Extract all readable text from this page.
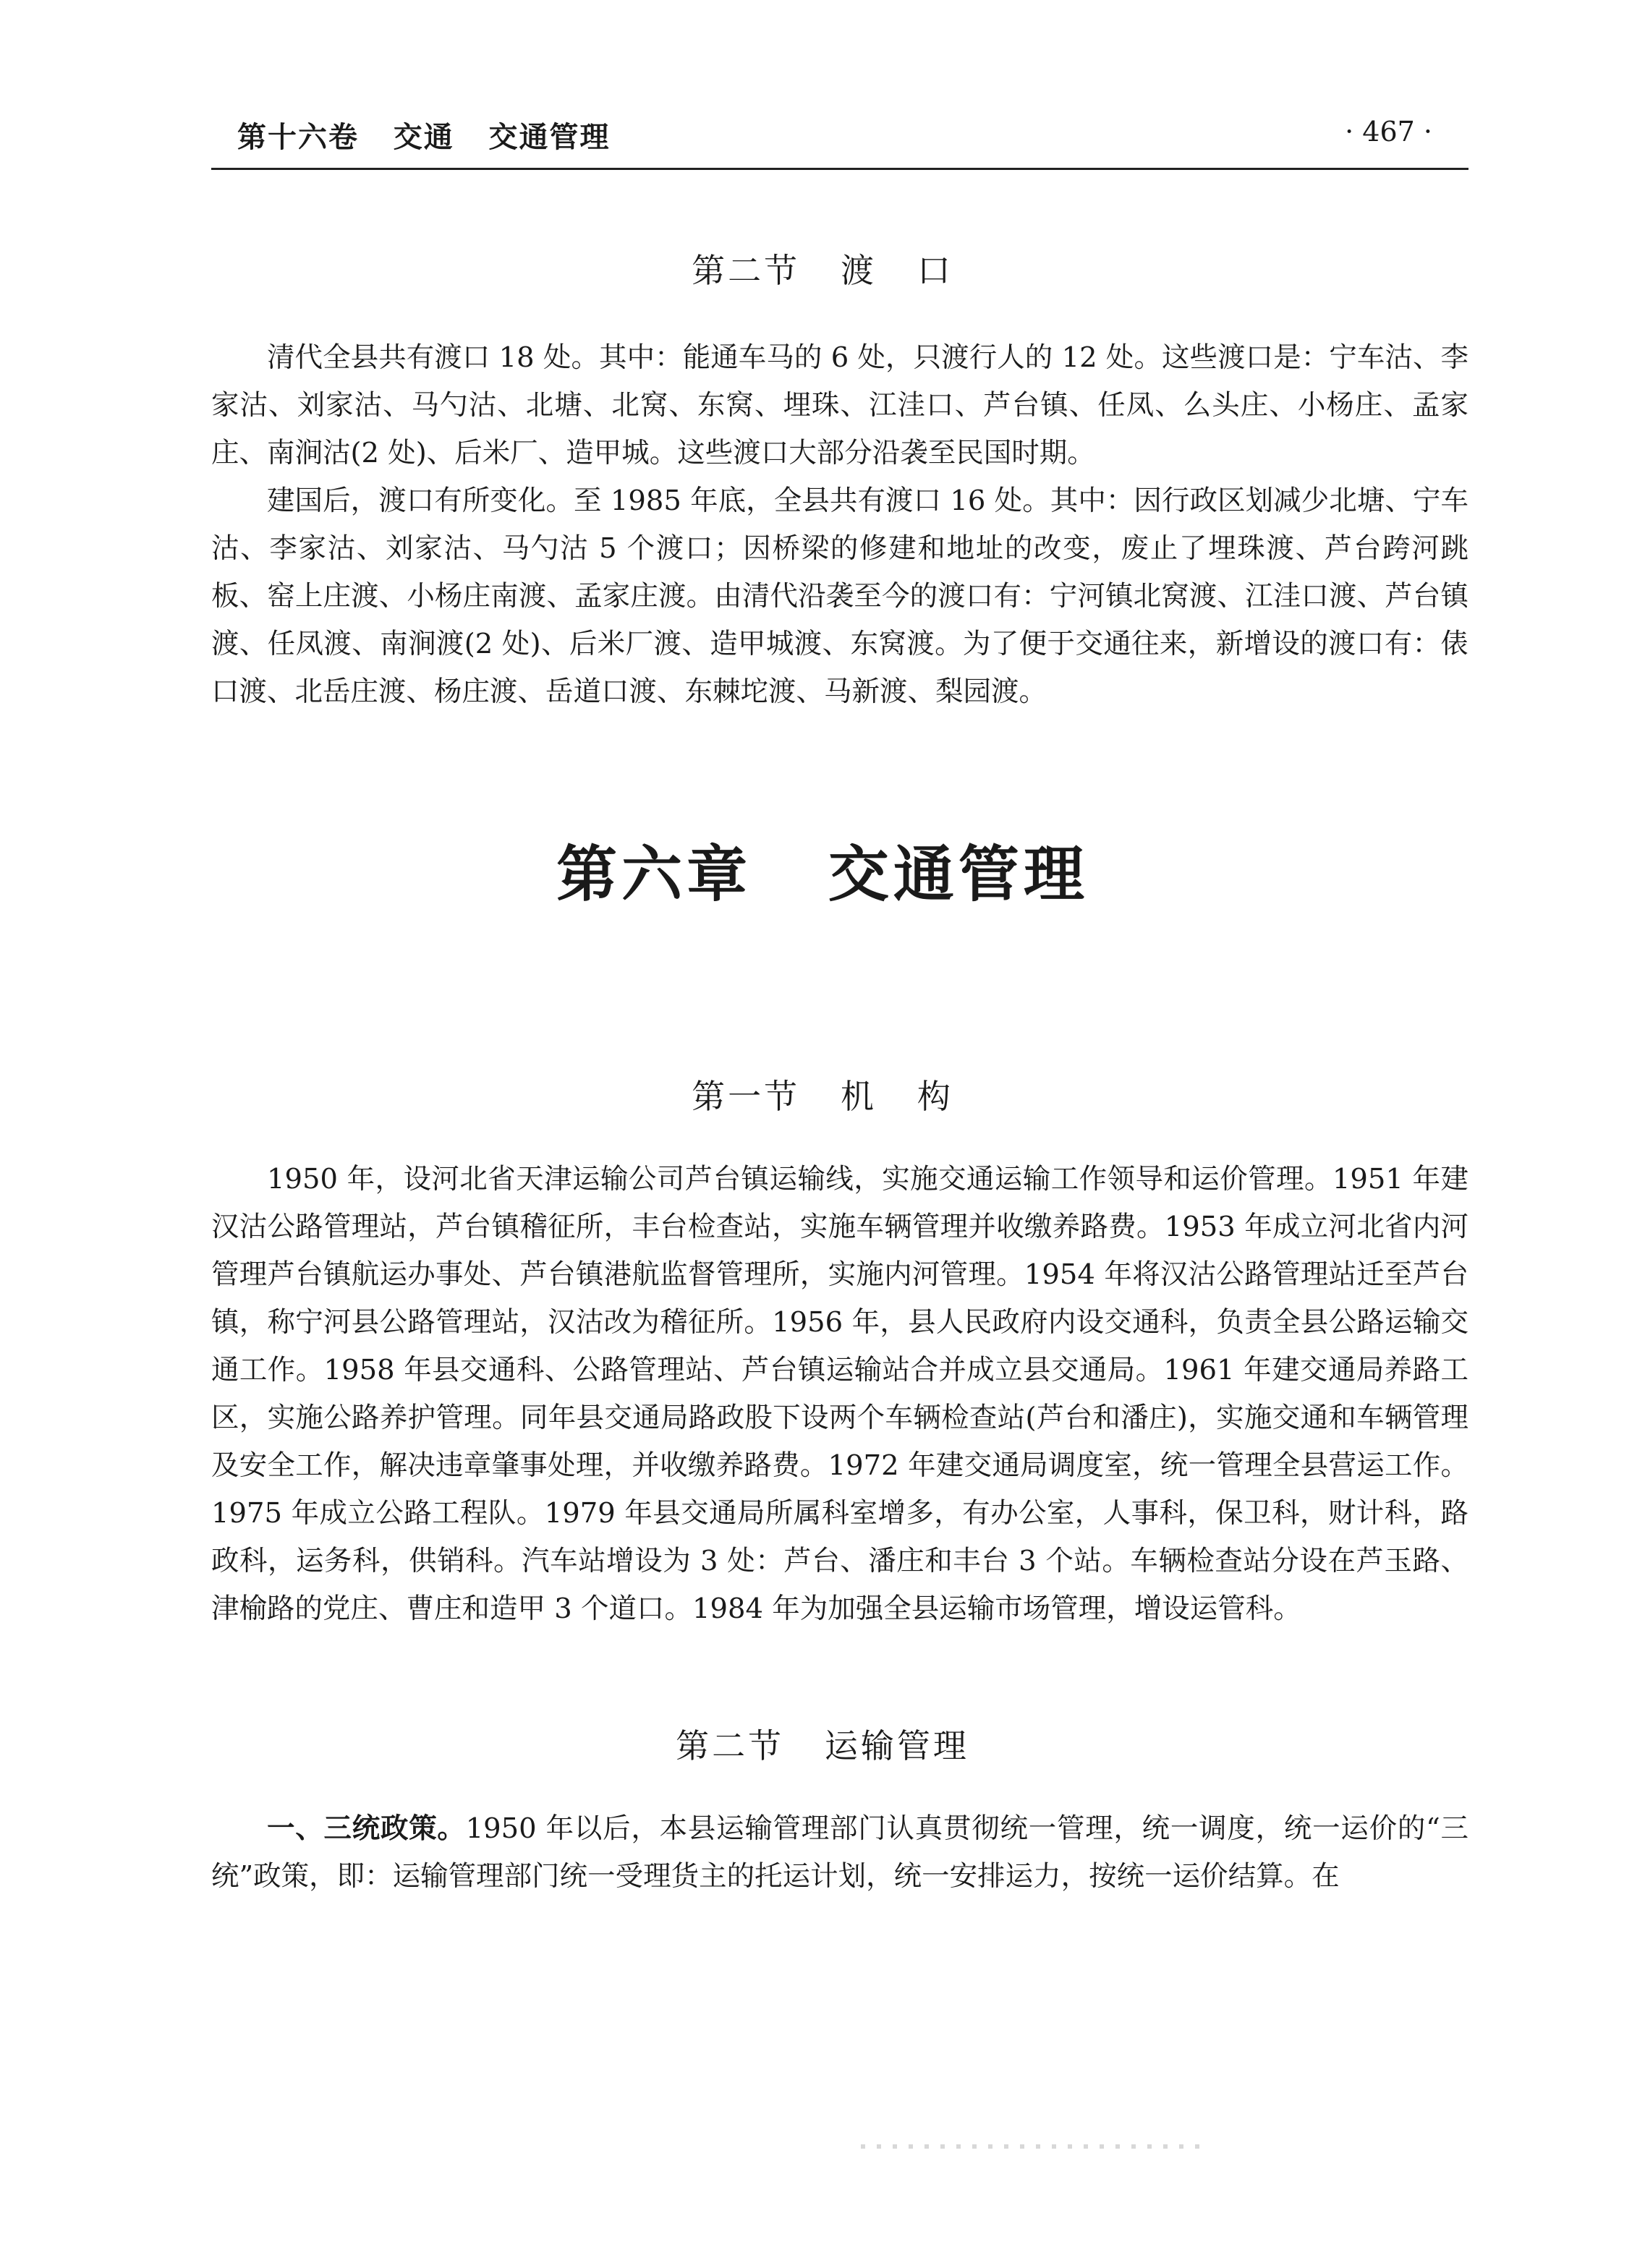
第十六卷   交通   交通管理	· 467 ·
第二节   渡   口

清代全县共有渡口 18 处。其中：能通车马的 6 处，只渡行人的 12 处。这些渡口是：宁车沽、李家沽、刘家沽、马勺沽、北塘、北窝、东窝、埋珠、江洼口、芦台镇、任凤、么头庄、小杨庄、孟家庄、南涧沽(2 处)、后米厂、造甲城。这些渡口大部分沿袭至民国时期。

建国后，渡口有所变化。至 1985 年底，全县共有渡口 16 处。其中：因行政区划减少北塘、宁车沽、李家沽、刘家沽、马勺沽 5 个渡口；因桥梁的修建和地址的改变，废止了埋珠渡、芦台跨河跳板、窑上庄渡、小杨庄南渡、孟家庄渡。由清代沿袭至今的渡口有：宁河镇北窝渡、江洼口渡、芦台镇渡、任凤渡、南涧渡(2 处)、后米厂渡、造甲城渡、东窝渡。为了便于交通往来，新增设的渡口有：俵口渡、北岳庄渡、杨庄渡、岳道口渡、东棘坨渡、马新渡、梨园渡。

第六章   交通管理
第一节   机   构

1950 年，设河北省天津运输公司芦台镇运输线，实施交通运输工作领导和运价管理。1951 年建汉沽公路管理站，芦台镇稽征所，丰台检查站，实施车辆管理并收缴养路费。1953 年成立河北省内河管理芦台镇航运办事处、芦台镇港航监督管理所，实施内河管理。1954 年将汉沽公路管理站迁至芦台镇，称宁河县公路管理站，汉沽改为稽征所。1956 年，县人民政府内设交通科，负责全县公路运输交通工作。1958 年县交通科、公路管理站、芦台镇运输站合并成立县交通局。1961 年建交通局养路工区，实施公路养护管理。同年县交通局路政股下设两个车辆检查站(芦台和潘庄)，实施交通和车辆管理及安全工作，解决违章肇事处理，并收缴养路费。1972 年建交通局调度室，统一管理全县营运工作。1975 年成立公路工程队。1979 年县交通局所属科室增多，有办公室，人事科，保卫科，财计科，路政科，运务科，供销科。汽车站增设为 3 处：芦台、潘庄和丰台 3 个站。车辆检查站分设在芦玉路、津榆路的党庄、曹庄和造甲 3 个道口。1984 年为加强全县运输市场管理，增设运管科。

第二节   运输管理

一、三统政策。1950 年以后，本县运输管理部门认真贯彻统一管理，统一调度，统一运价的“三统”政策，即：运输管理部门统一受理货主的托运计划，统一安排运力，按统一运价结算。在
